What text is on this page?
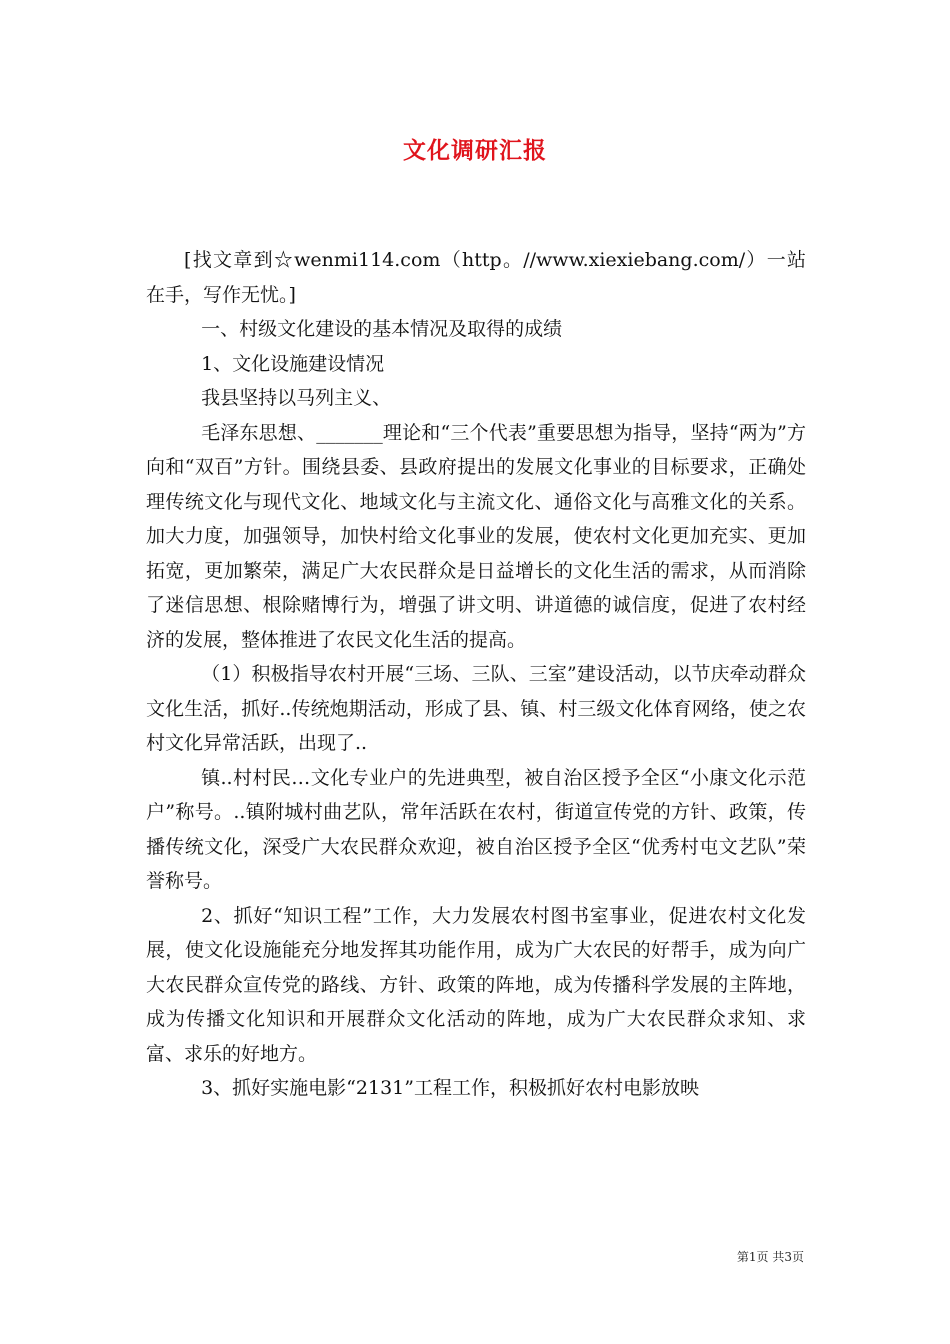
文化调研汇报

[找文章到☆wenmi114.com（http。//www.xiexiebang.com/）一站在手，写作无忧。]

一、村级文化建设的基本情况及取得的成绩

1、文化设施建设情况

我县坚持以马列主义、

毛泽东思想、_______理论和“三个代表”重要思想为指导，坚持“两为”方向和“双百”方针。围绕县委、县政府提出的发展文化事业的目标要求，正确处理传统文化与现代文化、地域文化与主流文化、通俗文化与高雅文化的关系。加大力度，加强领导，加快村给文化事业的发展，使农村文化更加充实、更加拓宽，更加繁荣，满足广大农民群众是日益增长的文化生活的需求，从而消除了迷信思想、根除赌博行为，增强了讲文明、讲道德的诚信度，促进了农村经济的发展，整体推进了农民文化生活的提高。

（1）积极指导农村开展“三场、三队、三室”建设活动，以节庆牵动群众文化生活，抓好..传统炮期活动，形成了县、镇、村三级文化体育网络，使之农村文化异常活跃，出现了..

镇..村村民…文化专业户的先进典型，被自治区授予全区“小康文化示范户”称号。..镇附城村曲艺队，常年活跃在农村，街道宣传党的方针、政策，传播传统文化，深受广大农民群众欢迎，被自治区授予全区“优秀村屯文艺队”荣誉称号。

2、抓好“知识工程”工作，大力发展农村图书室事业，促进农村文化发展，使文化设施能充分地发挥其功能作用，成为广大农民的好帮手，成为向广大农民群众宣传党的路线、方针、政策的阵地，成为传播科学发展的主阵地，成为传播文化知识和开展群众文化活动的阵地，成为广大农民群众求知、求富、求乐的好地方。

3、抓好实施电影“2131”工程工作，积极抓好农村电影放映

第1页 共3页
